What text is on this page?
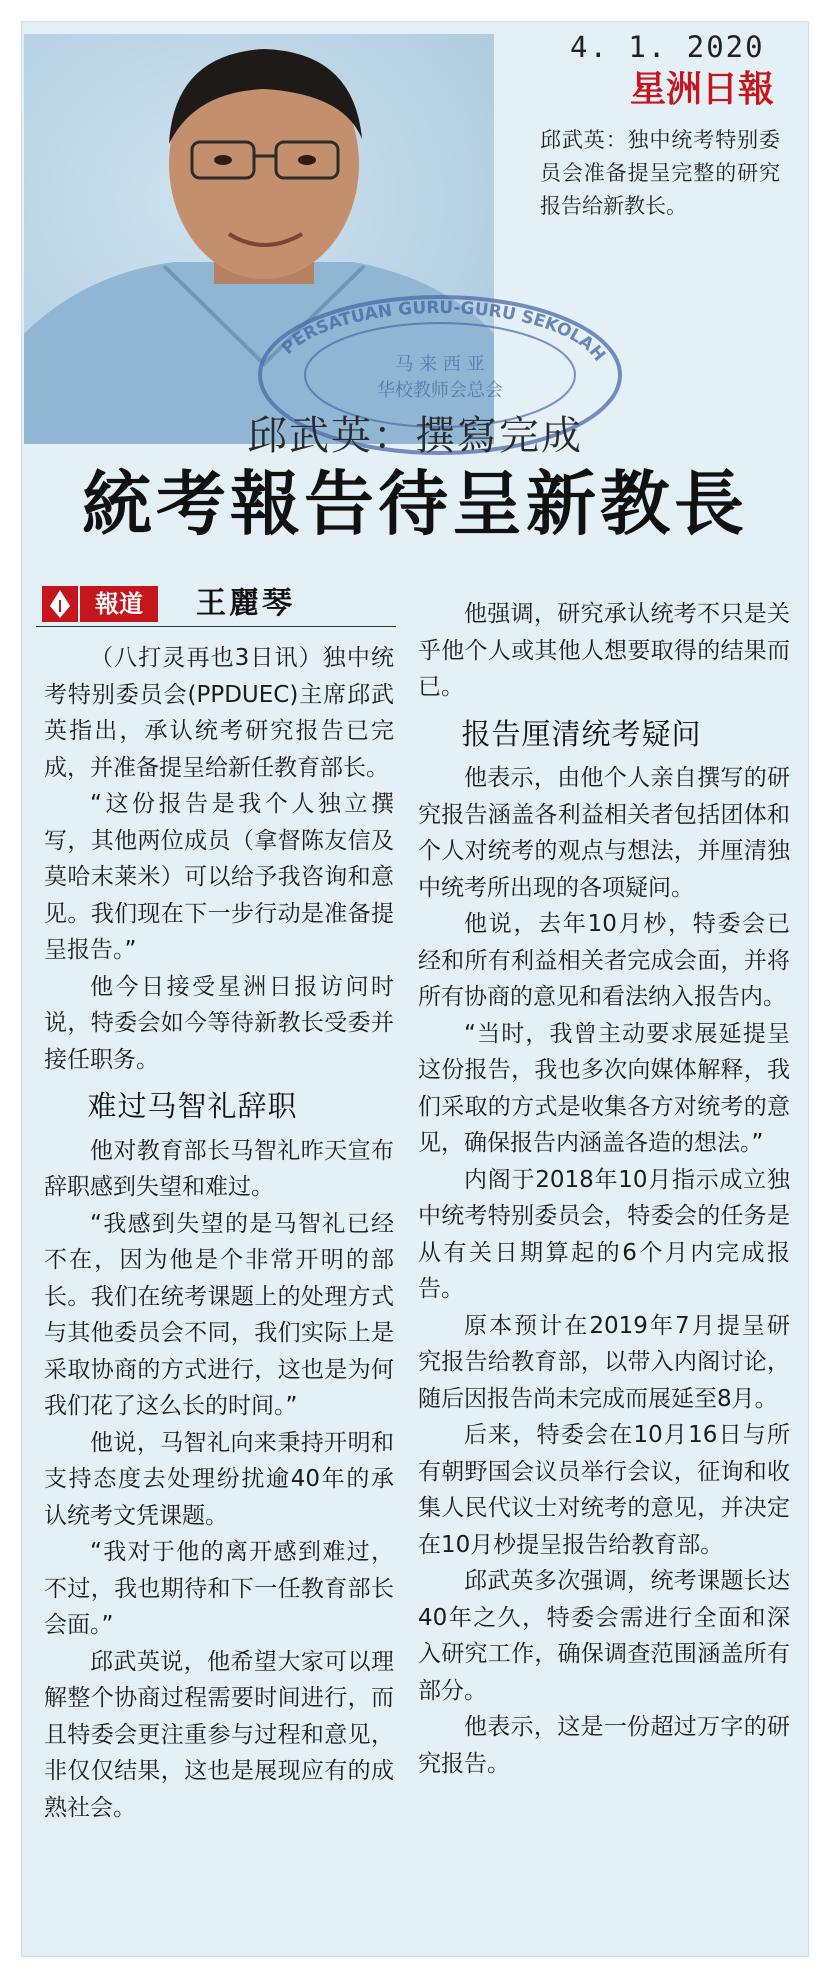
4. 1. 2020
星洲日報

邱武英：独中统考特别委员会准备提呈完整的研究报告给新教长。

PERSATUAN GURU-GURU SEKOLAH
马 来 西 亚
华校教师会总会
邱武英：撰寫完成
統考報告待呈新教長
報道	王麗琴

（八打灵再也3日讯）独中统考特别委员会(PPDUEC)主席邱武英指出，承认统考研究报告已完成，并准备提呈给新任教育部长。

“这份报告是我个人独立撰写，其他两位成员（拿督陈友信及莫哈末莱米）可以给予我咨询和意见。我们现在下一步行动是准备提呈报告。”

他今日接受星洲日报访问时说，特委会如今等待新教长受委并接任职务。

难过马智礼辞职

他对教育部长马智礼昨天宣布辞职感到失望和难过。

“我感到失望的是马智礼已经不在，因为他是个非常开明的部长。我们在统考课题上的处理方式与其他委员会不同，我们实际上是采取协商的方式进行，这也是为何我们花了这么长的时间。”

他说，马智礼向来秉持开明和支持态度去处理纷扰逾40年的承认统考文凭课题。

“我对于他的离开感到难过，不过，我也期待和下一任教育部长会面。”

邱武英说，他希望大家可以理解整个协商过程需要时间进行，而且特委会更注重参与过程和意见，非仅仅结果，这也是展现应有的成熟社会。

他强调，研究承认统考不只是关乎他个人或其他人想要取得的结果而已。

报告厘清统考疑问

他表示，由他个人亲自撰写的研究报告涵盖各利益相关者包括团体和个人对统考的观点与想法，并厘清独中统考所出现的各项疑问。

他说，去年10月杪，特委会已经和所有利益相关者完成会面，并将所有协商的意见和看法纳入报告内。

“当时，我曾主动要求展延提呈这份报告，我也多次向媒体解释，我们采取的方式是收集各方对统考的意见，确保报告内涵盖各造的想法。”

内阁于2018年10月指示成立独中统考特别委员会，特委会的任务是从有关日期算起的6个月内完成报告。

原本预计在2019年7月提呈研究报告给教育部，以带入内阁讨论，随后因报告尚未完成而展延至8月。

后来，特委会在10月16日与所有朝野国会议员举行会议，征询和收集人民代议士对统考的意见，并决定在10月杪提呈报告给教育部。

邱武英多次强调，统考课题长达40年之久，特委会需进行全面和深入研究工作，确保调查范围涵盖所有部分。

他表示，这是一份超过万字的研究报告。
